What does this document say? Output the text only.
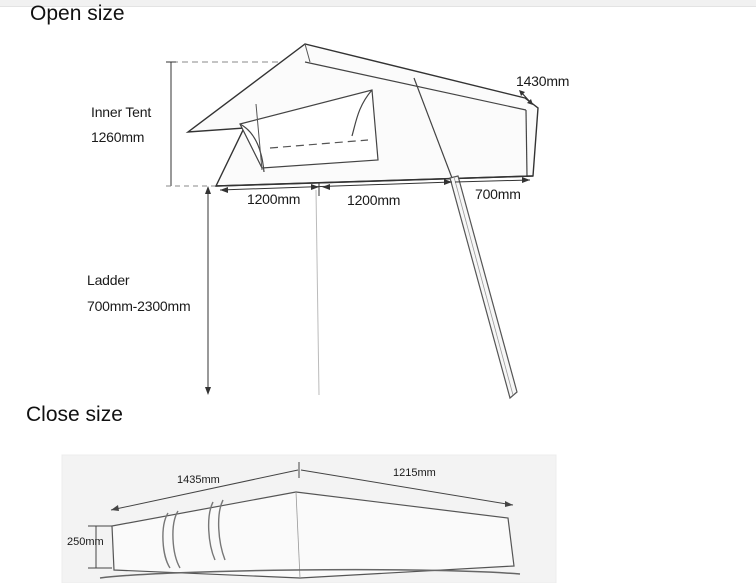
Open size
Close size
Inner Tent
1260mm
Ladder
700mm-2300mm
1200mm	1200mm	700mm
1430mm
1435mm
1215mm
250mm
